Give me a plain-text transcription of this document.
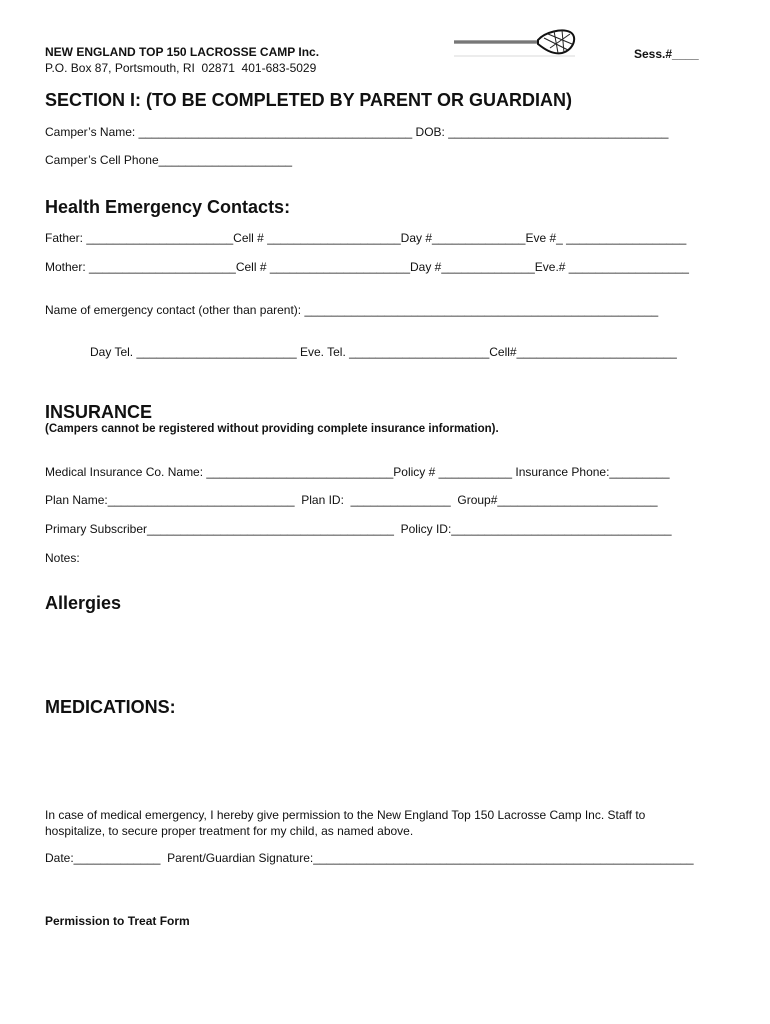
NEW ENGLAND TOP 150 LACROSSE CAMP Inc.
P.O. Box 87, Portsmouth, RI  02871  401-683-5029
Sess.#____
SECTION I: (TO BE COMPLETED BY PARENT OR GUARDIAN)
Camper’s Name: _________________________________________ DOB: _________________________________
Camper’s Cell Phone____________________
Health Emergency Contacts:
Father: ______________________Cell # ____________________Day #______________Eve #_ __________________
Mother: ______________________Cell # _____________________Day #______________Eve.# __________________
Name of emergency contact (other than parent): _____________________________________________________
Day Tel. ________________________ Eve. Tel. _____________________Cell#________________________
INSURANCE
(Campers cannot be registered without providing complete insurance information).
Medical Insurance Co. Name: ____________________________Policy # ___________ Insurance Phone:_________
Plan Name:____________________________  Plan ID:  _______________  Group#________________________
Primary Subscriber_____________________________________  Policy ID:_________________________________
Notes:
Allergies
MEDICATIONS:
In case of medical emergency, I hereby give permission to the New England Top 150 Lacrosse Camp Inc. Staff to hospitalize, to secure proper treatment for my child, as named above.
Date:_____________  Parent/Guardian Signature:_________________________________________________________
Permission to Treat Form
